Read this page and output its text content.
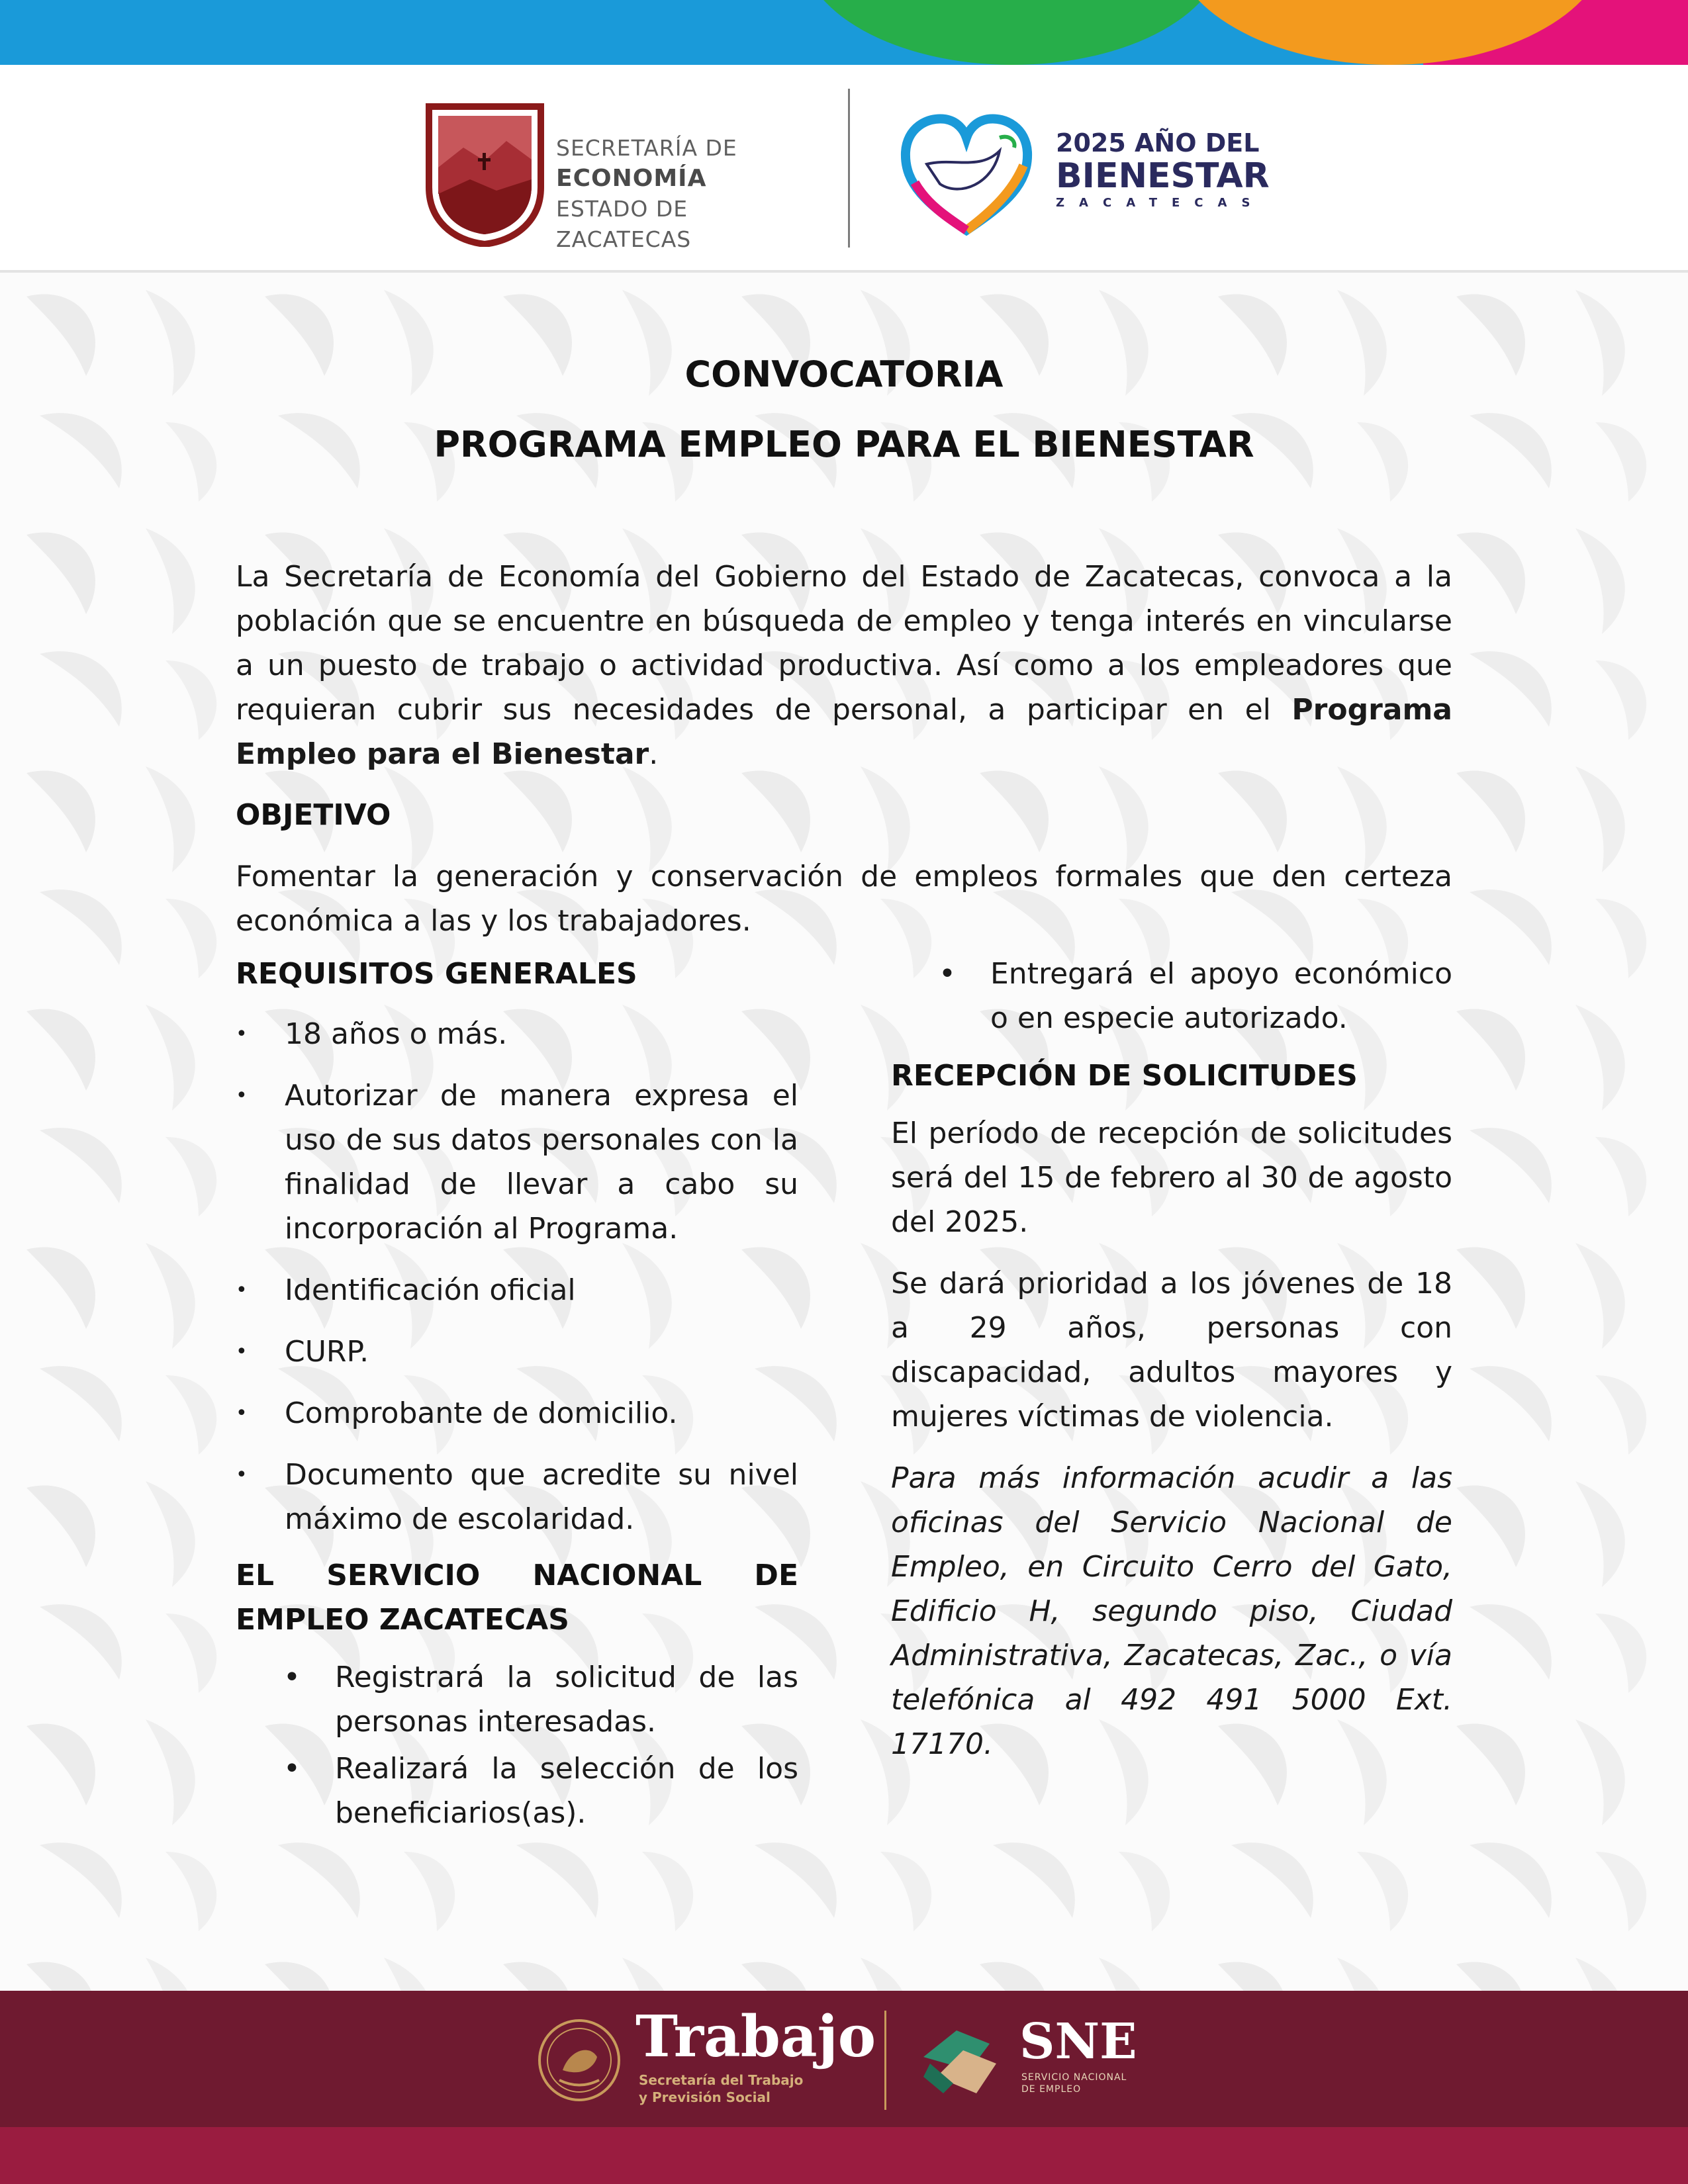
SECRETARÍA DE
ECONOMÍA
ESTADO DE ZACATECAS
2025 AÑO DEL
BIENESTAR
ZACATECAS
CONVOCATORIA
PROGRAMA EMPLEO PARA EL BIENESTAR
La Secretaría de Economía del Gobierno del Estado de Zacatecas, convoca a la población que se encuentre en búsqueda de empleo y tenga interés en vincularse a un puesto de trabajo o actividad productiva. Así como a los empleadores que requieran cubrir sus necesidades de personal, a participar en el Programa Empleo para el Bienestar.
OBJETIVO
Fomentar la generación y conservación de empleos formales que den certeza económica a las y los trabajadores.
REQUISITOS GENERALES
• 18 años o más.
• Autorizar de manera expresa el uso de sus datos personales con la finalidad de llevar a cabo su incorporación al Programa.
• Identificación oficial
• CURP.
• Comprobante de domicilio.
• Documento que acredite su nivel máximo de escolaridad.
EL SERVICIO NACIONAL DE EMPLEO ZACATECAS
• Registrará la solicitud de las personas interesadas.
• Realizará la selección de los beneficiarios(as).
• Entregará el apoyo económico o en especie autorizado.
RECEPCIÓN DE SOLICITUDES

El período de recepción de solicitudes será del 15 de febrero al 30 de agosto del 2025.

Se dará prioridad a los jóvenes de 18 a 29 años, personas con discapacidad, adultos mayores y mujeres víctimas de violencia.

Para más información acudir a las oficinas del Servicio Nacional de Empleo, en Circuito Cerro del Gato, Edificio H, segundo piso, Ciudad Administrativa, Zacatecas, Zac., o vía telefónica al 492 491 5000 Ext. 17170.

Trabajo
Secretaría del Trabajo
y Previsión Social
SNE
SERVICIO NACIONAL
DE EMPLEO
